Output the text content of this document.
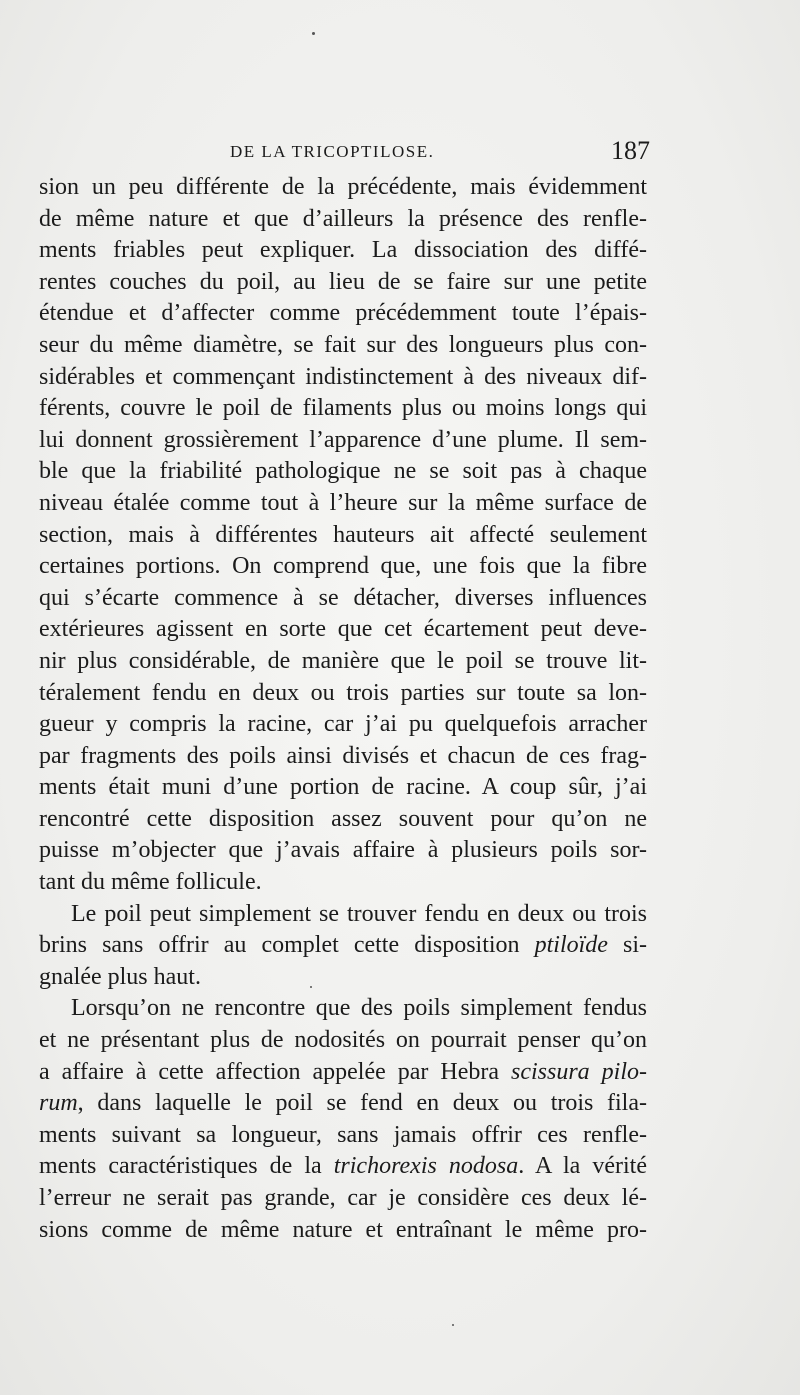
DE LA TRICOPTILOSE.	187
sion un peu différente de la précédente, mais évidemment
de même nature et que d’ailleurs la présence des renfle-
ments friables peut expliquer. La dissociation des diffé-
rentes couches du poil, au lieu de se faire sur une petite
étendue et d’affecter comme précédemment toute l’épais-
seur du même diamètre, se fait sur des longueurs plus con-
sidérables et commençant indistinctement à des niveaux dif-
férents, couvre le poil de filaments plus ou moins longs qui
lui donnent grossièrement l’apparence d’une plume. Il sem-
ble que la friabilité pathologique ne se soit pas à chaque
niveau étalée comme tout à l’heure sur la même surface de
section, mais à différentes hauteurs ait affecté seulement
certaines portions. On comprend que, une fois que la fibre
qui s’écarte commence à se détacher, diverses influences
extérieures agissent en sorte que cet écartement peut deve-
nir plus considérable, de manière que le poil se trouve lit-
téralement fendu en deux ou trois parties sur toute sa lon-
gueur y compris la racine, car j’ai pu quelquefois arracher
par fragments des poils ainsi divisés et chacun de ces frag-
ments était muni d’une portion de racine. A coup sûr, j’ai
rencontré cette disposition assez souvent pour qu’on ne
puisse m’objecter que j’avais affaire à plusieurs poils sor-
tant du même follicule.
Le poil peut simplement se trouver fendu en deux ou trois
brins sans offrir au complet cette disposition ptiloïde si-
gnalée plus haut.
Lorsqu’on ne rencontre que des poils simplement fendus
et ne présentant plus de nodosités on pourrait penser qu’on
a affaire à cette affection appelée par Hebra scissura pilo-
rum, dans laquelle le poil se fend en deux ou trois fila-
ments suivant sa longueur, sans jamais offrir ces renfle-
ments caractéristiques de la trichorexis nodosa. A la vérité
l’erreur ne serait pas grande, car je considère ces deux lé-
sions comme de même nature et entraînant le même pro-
